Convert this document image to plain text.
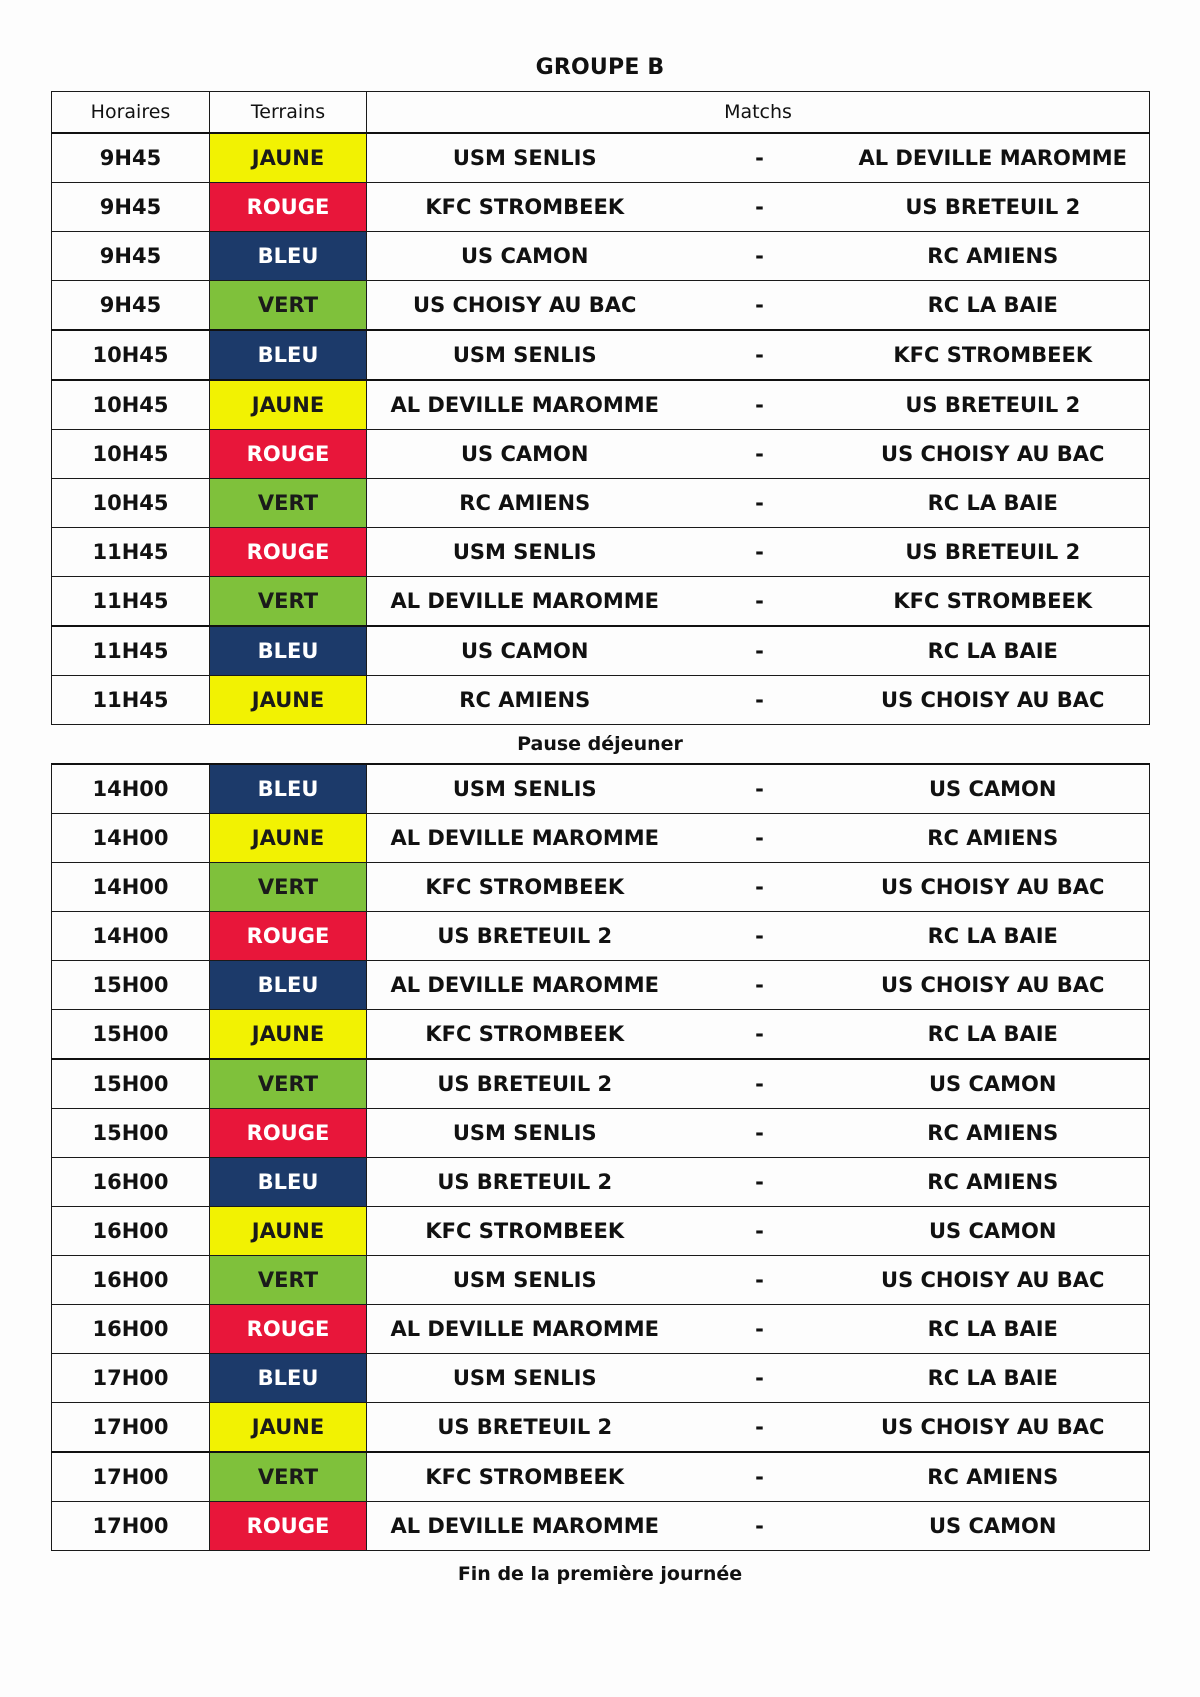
GROUPE B
Horaires	Terrains	Matchs		
9H45	JAUNE	USM SENLIS	-	AL DEVILLE MAROMME
9H45	ROUGE	KFC STROMBEEK	-	US BRETEUIL 2
9H45	BLEU	US CAMON	-	RC AMIENS
9H45	VERT	US CHOISY AU BAC	-	RC LA BAIE
10H45	BLEU	USM SENLIS	-	KFC STROMBEEK
10H45	JAUNE	AL DEVILLE MAROMME	-	US BRETEUIL 2
10H45	ROUGE	US CAMON	-	US CHOISY AU BAC
10H45	VERT	RC AMIENS	-	RC LA BAIE
11H45	ROUGE	USM SENLIS	-	US BRETEUIL 2
11H45	VERT	AL DEVILLE MAROMME	-	KFC STROMBEEK
11H45	BLEU	US CAMON	-	RC LA BAIE
11H45	JAUNE	RC AMIENS	-	US CHOISY AU BAC
Pause déjeuner
14H00	BLEU	USM SENLIS	-	US CAMON
14H00	JAUNE	AL DEVILLE MAROMME	-	RC AMIENS
14H00	VERT	KFC STROMBEEK	-	US CHOISY AU BAC
14H00	ROUGE	US BRETEUIL 2	-	RC LA BAIE
15H00	BLEU	AL DEVILLE MAROMME	-	US CHOISY AU BAC
15H00	JAUNE	KFC STROMBEEK	-	RC LA BAIE
15H00	VERT	US BRETEUIL 2	-	US CAMON
15H00	ROUGE	USM SENLIS	-	RC AMIENS
16H00	BLEU	US BRETEUIL 2	-	RC AMIENS
16H00	JAUNE	KFC STROMBEEK	-	US CAMON
16H00	VERT	USM SENLIS	-	US CHOISY AU BAC
16H00	ROUGE	AL DEVILLE MAROMME	-	RC LA BAIE
17H00	BLEU	USM SENLIS	-	RC LA BAIE
17H00	JAUNE	US BRETEUIL 2	-	US CHOISY AU BAC
17H00	VERT	KFC STROMBEEK	-	RC AMIENS
17H00	ROUGE	AL DEVILLE MAROMME	-	US CAMON
Fin de la première journée
